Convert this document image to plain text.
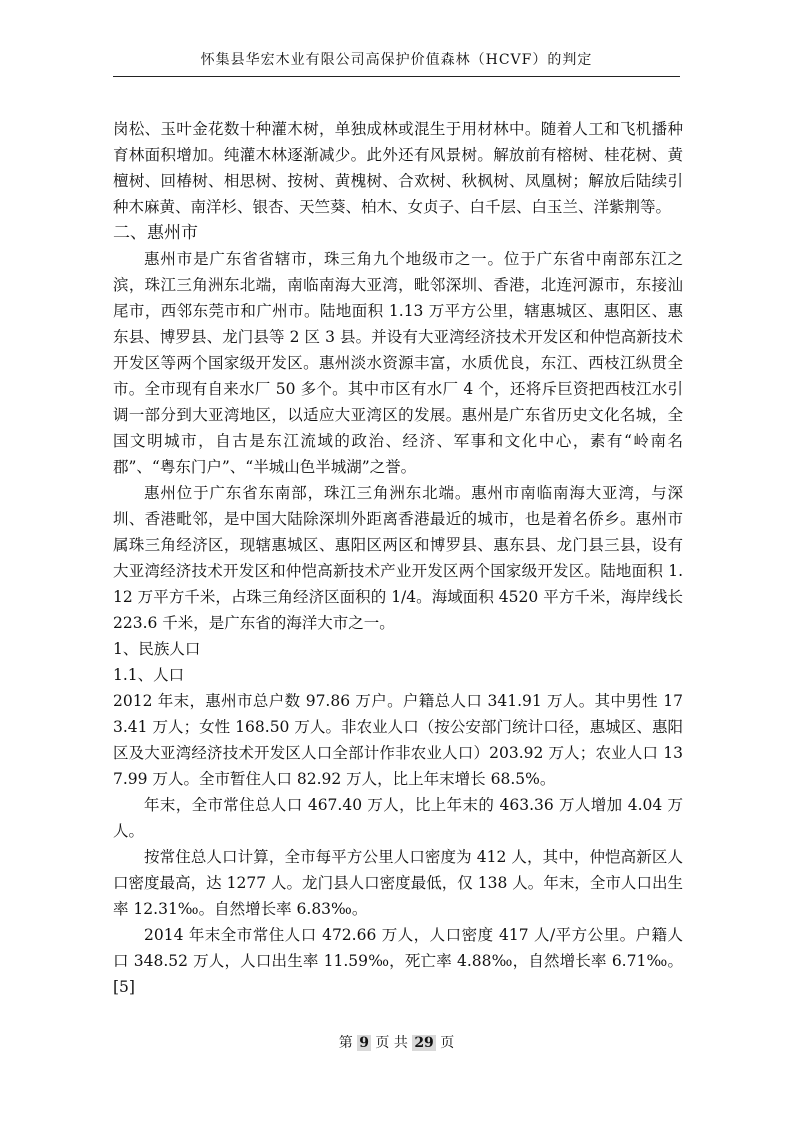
怀集县华宏木业有限公司高保护价值森林（HCVF）的判定

岗松、玉叶金花数十种灌木树，单独成林或混生于用材林中。随着人工和飞机播种育林面积增加。纯灌木林逐渐减少。此外还有风景树。解放前有榕树、桂花树、黄檀树、回椿树、相思树、按树、黄槐树、合欢树、秋枫树、凤凰树；解放后陆续引种木麻黄、南洋杉、银杏、天竺葵、柏木、女贞子、白千层、白玉兰、洋紫荆等。

二、惠州市

惠州市是广东省省辖市，珠三角九个地级市之一。位于广东省中南部东江之滨，珠江三角洲东北端，南临南海大亚湾，毗邻深圳、香港，北连河源市，东接汕尾市，西邻东莞市和广州市。陆地面积 1.13 万平方公里，辖惠城区、惠阳区、惠东县、博罗县、龙门县等 2 区 3 县。并设有大亚湾经济技术开发区和仲恺高新技术开发区等两个国家级开发区。惠州淡水资源丰富，水质优良，东江、西枝江纵贯全市。全市现有自来水厂 50 多个。其中市区有水厂 4 个，还将斥巨资把西枝江水引调一部分到大亚湾地区，以适应大亚湾区的发展。惠州是广东省历史文化名城，全国文明城市，自古是东江流域的政治、经济、军事和文化中心，素有“岭南名郡”、“粤东门户”、“半城山色半城湖”之誉。

惠州位于广东省东南部，珠江三角洲东北端。惠州市南临南海大亚湾，与深圳、香港毗邻，是中国大陆除深圳外距离香港最近的城市，也是着名侨乡。惠州市属珠三角经济区，现辖惠城区、惠阳区两区和博罗县、惠东县、龙门县三县，设有大亚湾经济技术开发区和仲恺高新技术产业开发区两个国家级开发区。陆地面积 1.12 万平方千米，占珠三角经济区面积的 1/4。海域面积 4520 平方千米，海岸线长 223.6 千米，是广东省的海洋大市之一。

1、民族人口

1.1、人口

2012 年末，惠州市总户数 97.86 万户。户籍总人口 341.91 万人。其中男性 173.41 万人；女性 168.50 万人。非农业人口（按公安部门统计口径，惠城区、惠阳区及大亚湾经济技术开发区人口全部计作非农业人口）203.92 万人；农业人口 137.99 万人。全市暂住人口 82.92 万人，比上年末增长 68.5%。

年末，全市常住总人口 467.40 万人，比上年末的 463.36 万人增加 4.04 万人。

按常住总人口计算，全市每平方公里人口密度为 412 人，其中，仲恺高新区人口密度最高，达 1277 人。龙门县人口密度最低，仅 138 人。年末，全市人口出生率 12.31‰。自然增长率 6.83‰。

2014 年末全市常住人口 472.66 万人，人口密度 417 人/平方公里。户籍人口 348.52 万人，人口出生率 11.59‰，死亡率 4.88‰，自然增长率 6.71‰。[5]

第 9 页 共 29 页
